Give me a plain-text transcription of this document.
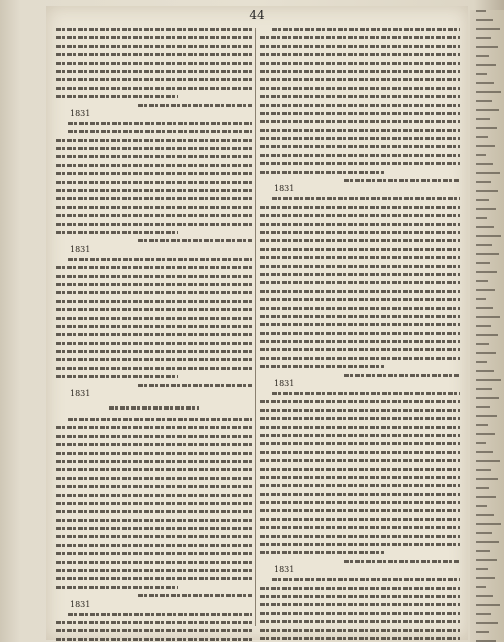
44
1831
1831
1831
1831
1831
1831
1831
